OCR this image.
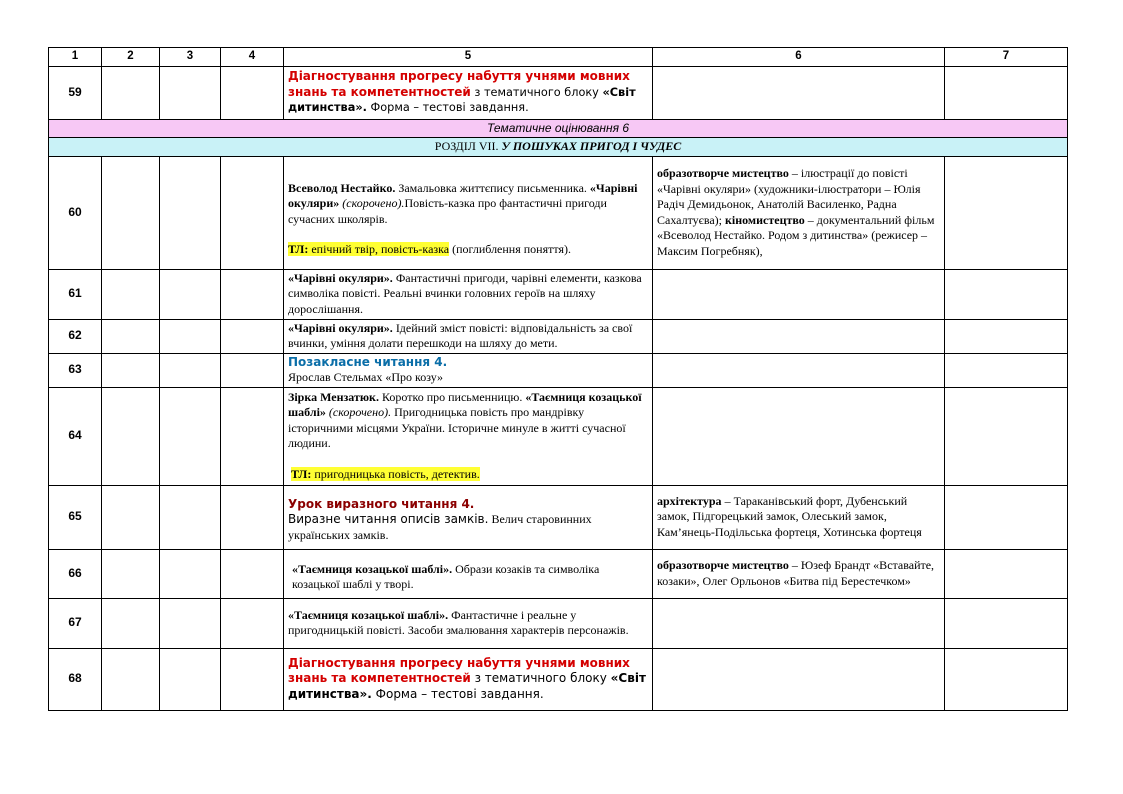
1	2	3	4	5	6	7
59				Діагностування прогресу набуття учнями мовних знань та компетентностей з тематичного блоку «Світ дитинства». Форма – тестові завдання.		
Тематичне оцінювання 6						
РОЗДІЛ VII. У ПОШУКАХ ПРИГОД І ЧУДЕС						
60				Всеволод Нестайко. Замальовка життєпису письменника. «Чарівні окуляри» (скорочено).Повість-казка про фантастичні пригоди сучасних школярів.
ТЛ: епічний твір, повість-казка (поглиблення поняття).	образотворче мистецтво – ілюстрації до повісті «Чарівні окуляри» (художники-ілюстратори – Юлія Радіч Демидьонок, Анатолій Василенко, Радна Сахалтуєва); кіномистецтво – документальний фільм «Всеволод Нестайко. Родом з дитинства» (режисер – Максим Погребняк),	
61				«Чарівні окуляри». Фантастичні пригоди, чарівні елементи, казкова символіка повісті. Реальні вчинки головних героїв на шляху дорослішання.		
62				«Чарівні окуляри». Ідейний зміст повісті: відповідальність за свої вчинки, уміння долати перешкоди на шляху до мети.		
63				Позакласне читання 4.
Ярослав Стельмах «Про козу»		
64				Зірка Мензатюк. Коротко про письменницю. «Таємниця козацької шаблі» (скорочено). Пригодницька повість про мандрівку історичними місцями України. Історичне минуле в житті сучасної людини.
ТЛ: пригодницька повість, детектив.		
65				Урок виразного читання 4.
Виразне читання описів замків. Велич старовинних українських замків.	архітектура – Тараканівський форт, Дубенський замок, Підгорецький замок, Олеський замок, Кам’янець-Подільська фортеця, Хотинська фортеця	
66				«Таємниця козацької шаблі». Образи козаків та символіка козацької шаблі у творі.	образотворче мистецтво – Юзеф Брандт «Вставайте, козаки», Олег Орльонов «Битва під Берестечком»	
67				«Таємниця козацької шаблі». Фантастичне і реальне у пригодницькій повісті. Засоби змалювання характерів персонажів.		
68				Діагностування прогресу набуття учнями мовних знань та компетентностей з тематичного блоку «Світ дитинства». Форма – тестові завдання.		
